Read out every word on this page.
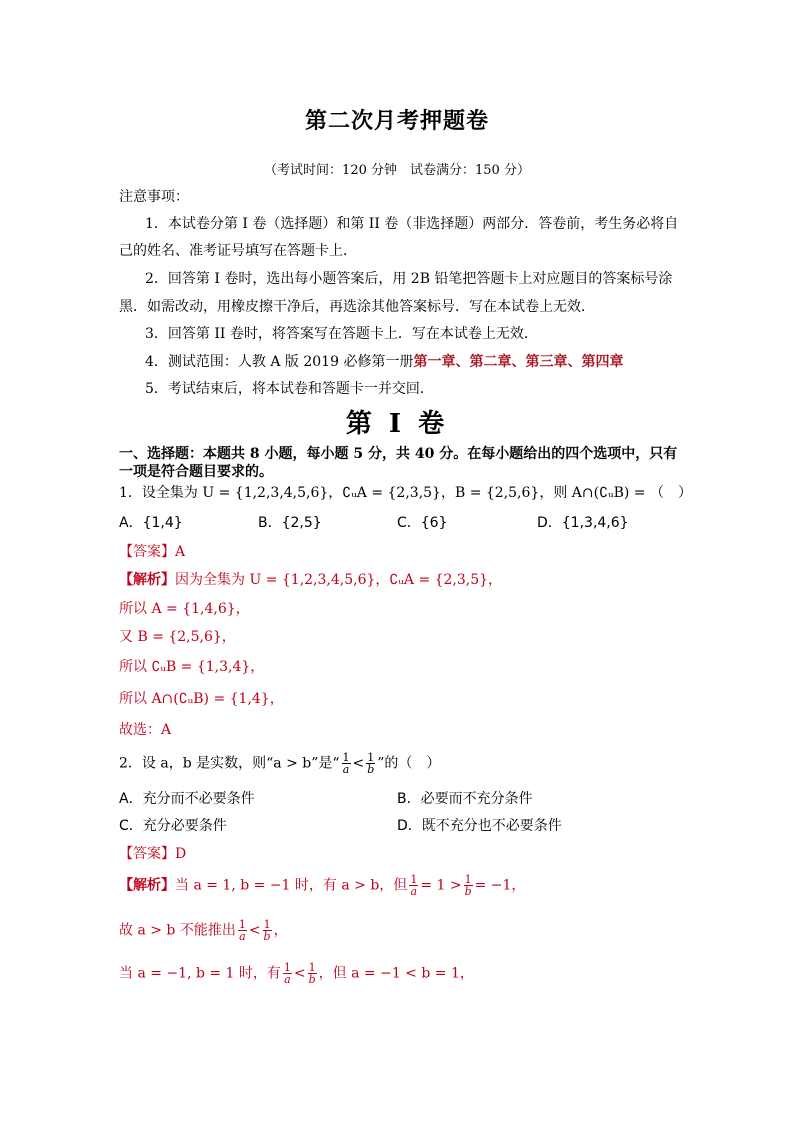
第二次月考押题卷
（考试时间：120 分钟　试卷满分：150 分）
注意事项：
1．本试卷分第 I 卷（选择题）和第 II 卷（非选择题）两部分．答卷前，考生务必将自
己的姓名、准考证号填写在答题卡上．
2．回答第 I 卷时，选出每小题答案后，用 2B 铅笔把答题卡上对应题目的答案标号涂
黑．如需改动，用橡皮擦干净后，再选涂其他答案标号．写在本试卷上无效．
3．回答第 II 卷时，将答案写在答题卡上．写在本试卷上无效．
4．测试范围：人教 A 版 2019 必修第一册第一章、第二章、第三章、第四章
5．考试结束后，将本试卷和答题卡一并交回．
第 I 卷
一、选择题：本题共 8 小题，每小题 5 分，共 40 分。在每小题给出的四个选项中，只有
一项是符合题目要求的。
1．设全集为 U = {1,2,3,4,5,6}，∁ᵤA = {2,3,5}，B = {2,5,6}，则 A∩(∁ᵤB) = （　）
A．{1,4}	B．{2,5}	C．{6}	D．{1,3,4,6}
【答案】A
【解析】因为全集为 U = {1,2,3,4,5,6}，∁ᵤA = {2,3,5}，
所以 A = {1,4,6}，
又 B = {2,5,6}，
所以 ∁ᵤB = {1,3,4}，
所以 A∩(∁ᵤB) = {1,4}，
故选：A
2．设 a，b 是实数，则“a > b”是“ $\frac{1}{a} < \frac{1}{b}$ ”的（　）
A．充分而不必要条件	B．必要而不充分条件
C．充分必要条件	D．既不充分也不必要条件
【答案】D
【解析】当 a = 1, b = −1 时，有 a > b，但 $\frac{1}{a} = 1 > \frac{1}{b} = -1$，
故 a > b 不能推出 $\frac{1}{a} < \frac{1}{b}$ ，
当 a = −1, b = 1 时，有 $\frac{1}{a} < \frac{1}{b}$ ，但 a = −1 < b = 1，
